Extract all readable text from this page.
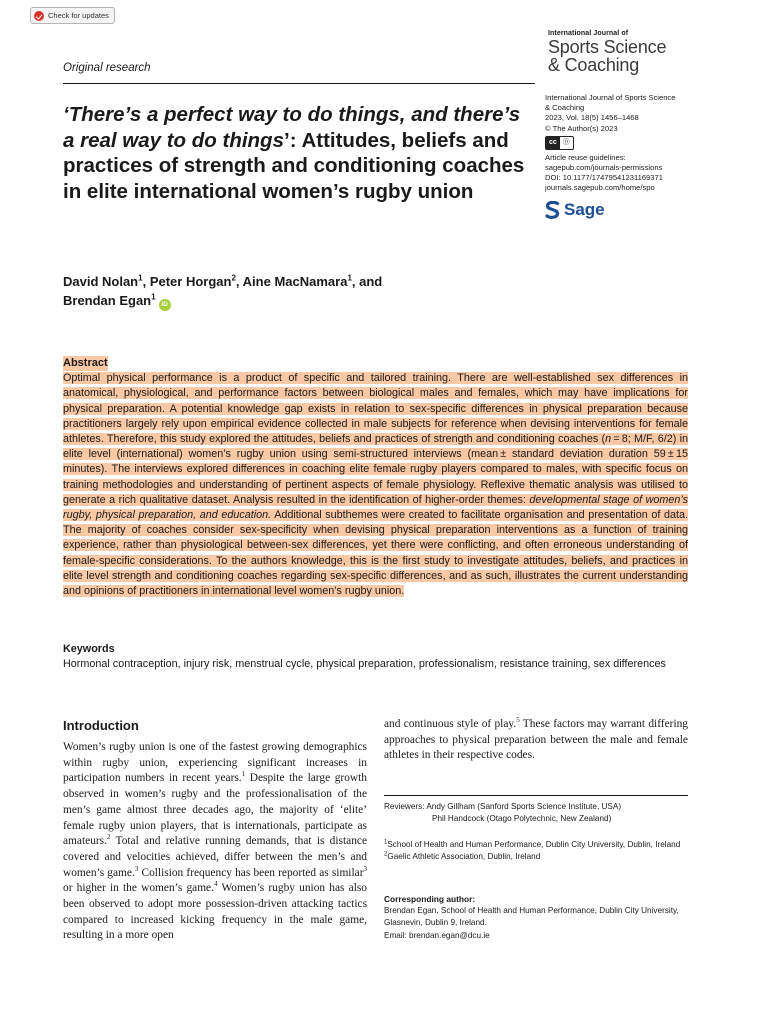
Check for updates
Original research
International Journal of
Sports Science
& Coaching
International Journal of Sports Science
& Coaching
2023, Vol. 18(5) 1456–1468
© The Author(s) 2023
cc ⓪
Article reuse guidelines:
sagepub.com/journals-permissions
DOI: 10.1177/17479541231169371
journals.sagepub.com/home/spo
Sage
‘There’s a perfect way to do things, and there’s a real way to do things’: Attitudes, beliefs and practices of strength and conditioning coaches in elite international women’s rugby union
David Nolan$^1$, Peter Horgan$^2$, Aine MacNamara$^1$, and
Brendan Egan$^1$iD
Abstract

Optimal physical performance is a product of specific and tailored training. There are well-established sex differences in anatomical, physiological, and performance factors between biological males and females, which may have implications for physical preparation. A potential knowledge gap exists in relation to sex-specific differences in physical preparation because practitioners largely rely upon empirical evidence collected in male subjects for reference when devising interventions for female athletes. Therefore, this study explored the attitudes, beliefs and practices of strength and conditioning coaches (n = 8; M/F, 6/2) in elite level (international) women’s rugby union using semi-structured interviews (mean ± standard deviation duration 59 ± 15 minutes). The interviews explored differences in coaching elite female rugby players compared to males, with specific focus on training methodologies and understanding of pertinent aspects of female physiology. Reflexive thematic analysis was utilised to generate a rich qualitative dataset. Analysis resulted in the identification of higher-order themes: developmental stage of women’s rugby, physical preparation, and education. Additional subthemes were created to facilitate organisation and presentation of data. The majority of coaches consider sex-specificity when devising physical preparation interventions as a function of training experience, rather than physiological between-sex differences, yet there were conflicting, and often erroneous understanding of female-specific considerations. To the authors knowledge, this is the first study to investigate attitudes, beliefs, and practices in elite level strength and conditioning coaches regarding sex-specific differences, and as such, illustrates the current understanding and opinions of practitioners in international level women’s rugby union.

Keywords
Hormonal contraception, injury risk, menstrual cycle, physical preparation, professionalism, resistance training, sex differences
Introduction
Women’s rugby union is one of the fastest growing demographics within rugby union, experiencing significant increases in participation numbers in recent years.$^1$ Despite the large growth observed in women’s rugby and the professionalisation of the men’s game almost three decades ago, the majority of ‘elite’ female rugby union players, that is internationals, participate as amateurs.$^2$ Total and relative running demands, that is distance covered and velocities achieved, differ between the men’s and women’s game.$^3$ Collision frequency has been reported as similar$^3$ or higher in the women’s game.$^4$ Women’s rugby union has also been observed to adopt more possession-driven attacking tactics compared to increased kicking frequency in the male game, resulting in a more open
and continuous style of play.$^5$ These factors may warrant differing approaches to physical preparation between the male and female athletes in their respective codes.
Reviewers: Andy Gillham (Sanford Sports Science Institute, USA)
Phil Handcock (Otago Polytechnic, New Zealand)
$^1$School of Health and Human Performance, Dublin City University, Dublin, Ireland
$^2$Gaelic Athletic Association, Dublin, Ireland
Corresponding author:
Brendan Egan, School of Health and Human Performance, Dublin City University, Glasnevin, Dublin 9, Ireland.
Email: brendan.egan@dcu.ie
